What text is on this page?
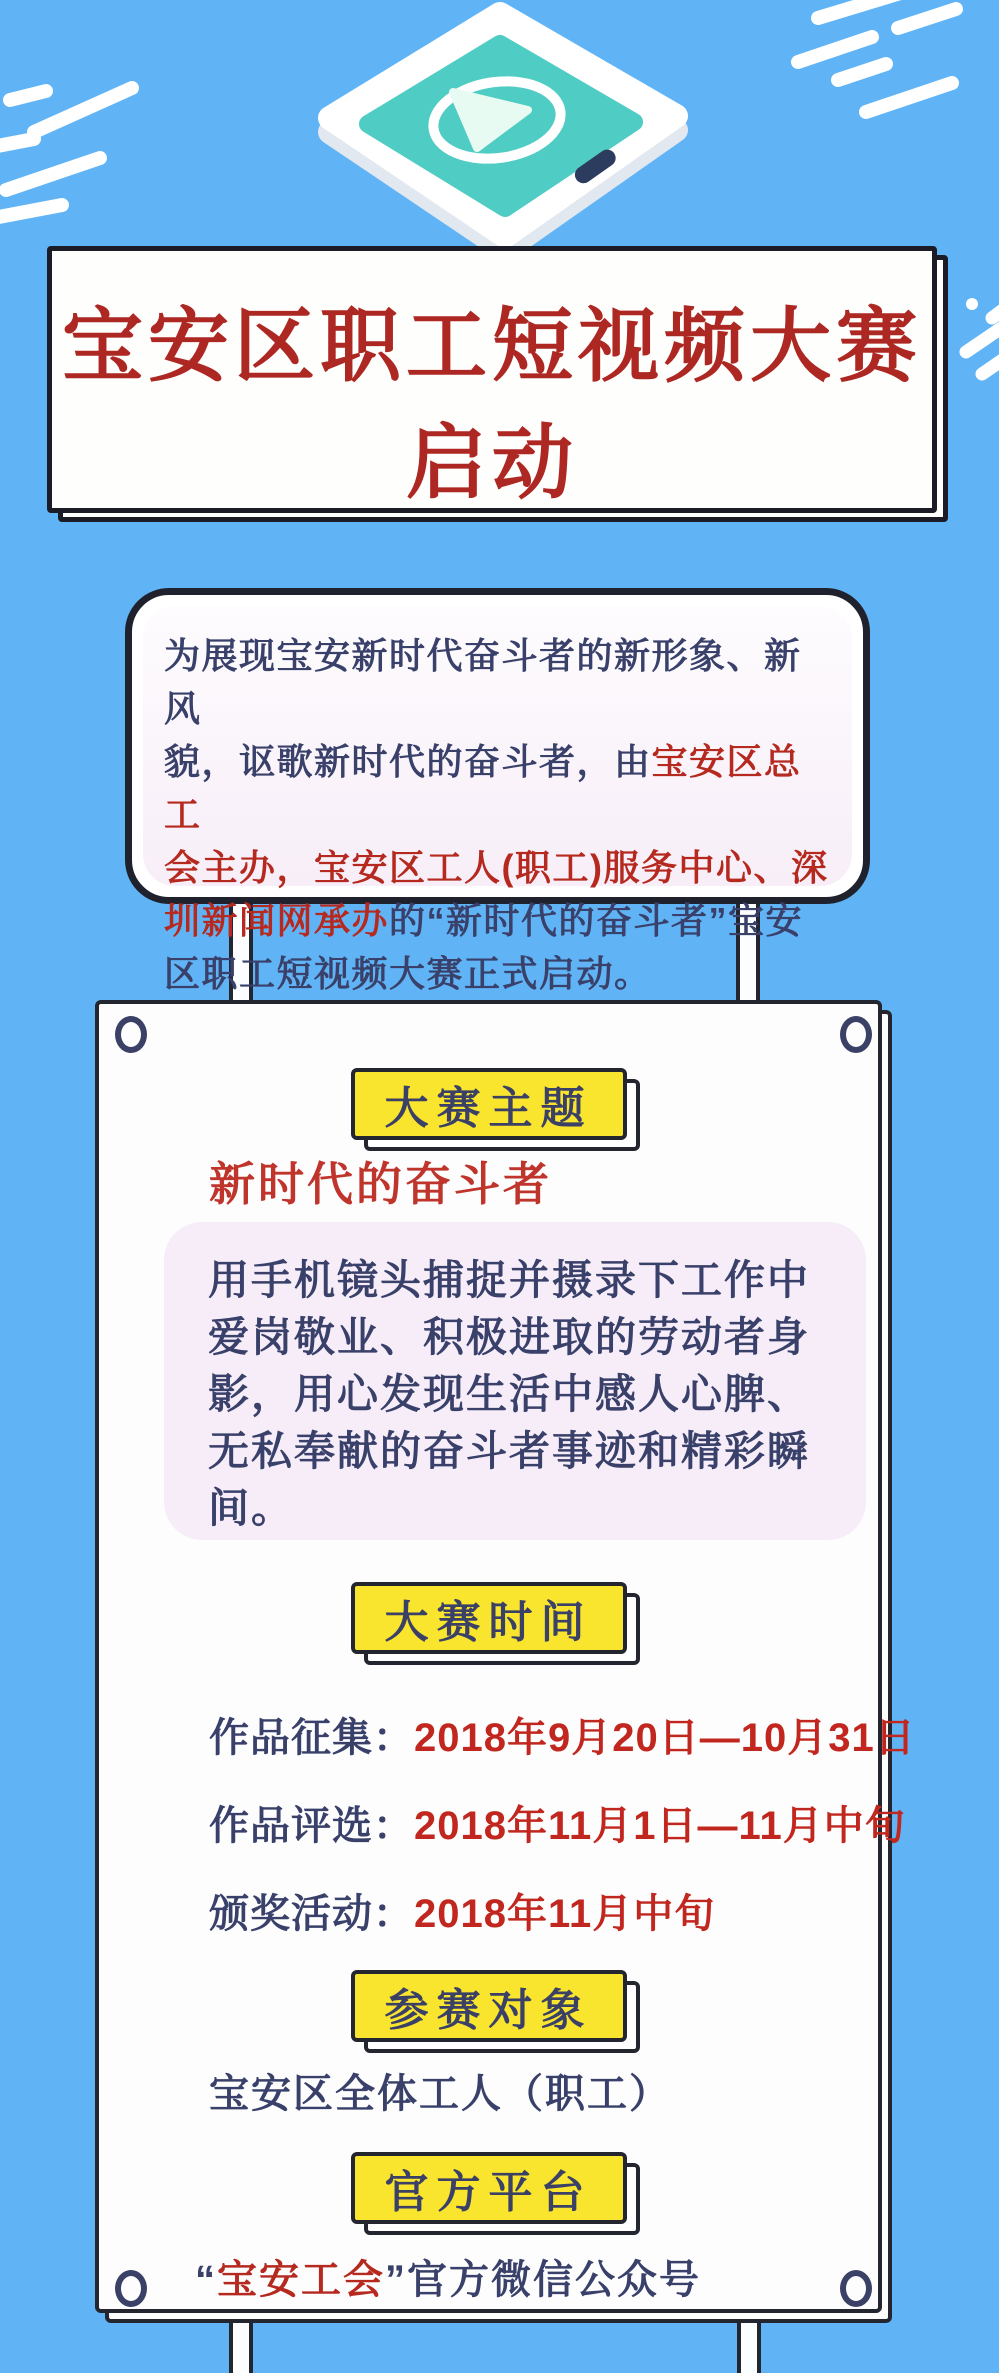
宝安区职工短视频大赛
启动
为展现宝安新时代奋斗者的新形象、新风
貌，讴歌新时代的奋斗者，由宝安区总工
会主办，宝安区工人(职工)服务中心、深
圳新闻网承办的“新时代的奋斗者”宝安
区职工短视频大赛正式启动。
大赛主题
新时代的奋斗者
用手机镜头捕捉并摄录下工作中
爱岗敬业、积极进取的劳动者身
影，用心发现生活中感人心脾、
无私奉献的奋斗者事迹和精彩瞬
间。
大赛时间
作品征集：2018年9月20日—10月31日
作品评选：2018年11月1日—11月中旬
颁奖活动：2018年11月中旬
参赛对象
宝安区全体工人（职工）
官方平台
“宝安工会”官方微信公众号
